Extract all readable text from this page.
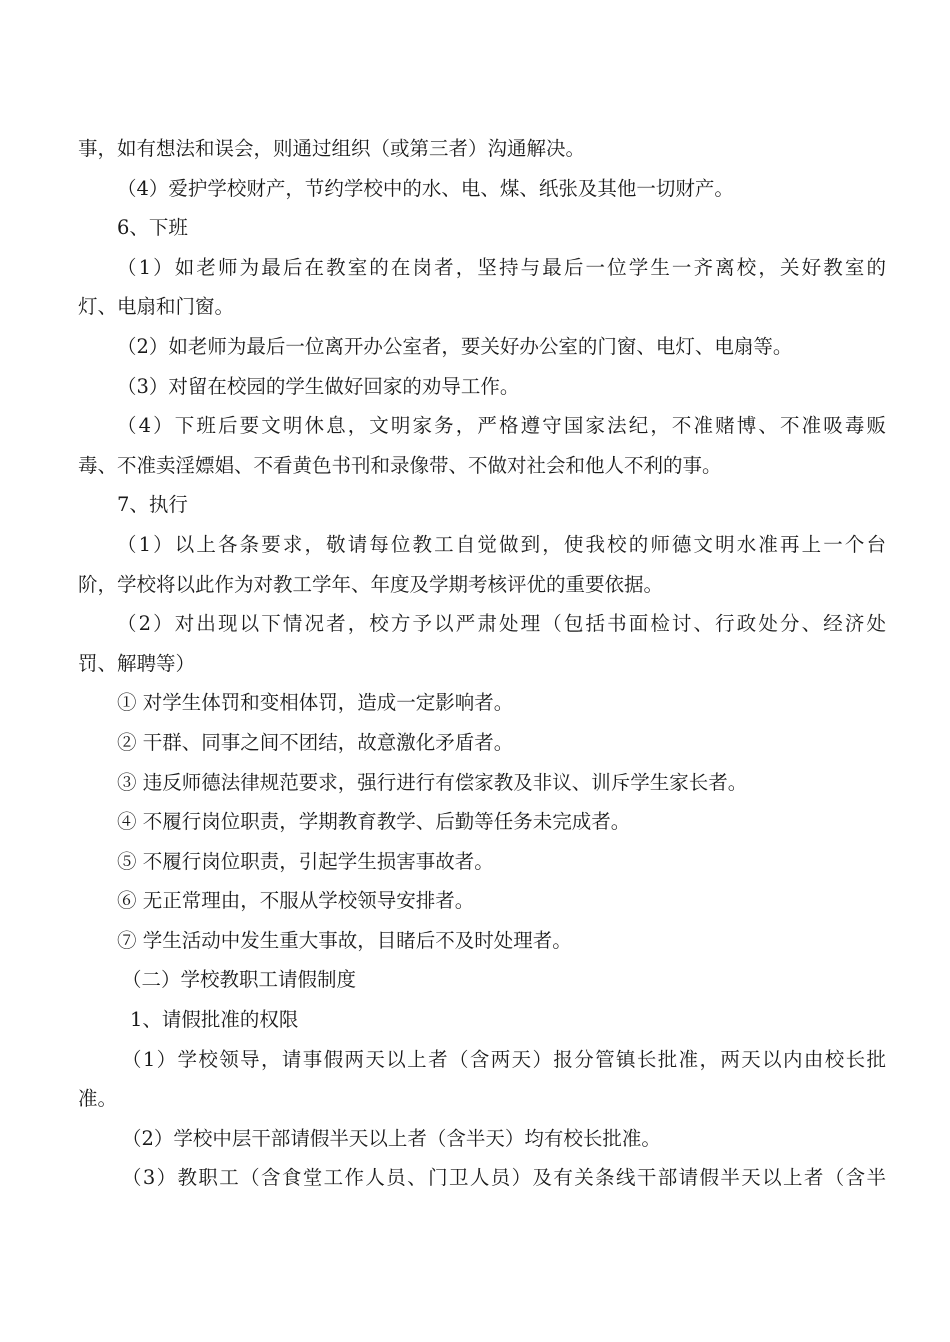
事，如有想法和误会，则通过组织（或第三者）沟通解决。
（4）爱护学校财产，节约学校中的水、电、煤、纸张及其他一切财产。
6、下班
（1）如老师为最后在教室的在岗者，坚持与最后一位学生一齐离校，关好教室的
灯、电扇和门窗。
（2）如老师为最后一位离开办公室者，要关好办公室的门窗、电灯、电扇等。
（3）对留在校园的学生做好回家的劝导工作。
（4）下班后要文明休息，文明家务，严格遵守国家法纪，不准赌博、不准吸毒贩
毒、不准卖淫嫖娼、不看黄色书刊和录像带、不做对社会和他人不利的事。
7、执行
（1）以上各条要求，敬请每位教工自觉做到，使我校的师德文明水准再上一个台
阶，学校将以此作为对教工学年、年度及学期考核评优的重要依据。
（2）对出现以下情况者，校方予以严肃处理（包括书面检讨、行政处分、经济处
罚、解聘等）
① 对学生体罚和变相体罚，造成一定影响者。
② 干群、同事之间不团结，故意激化矛盾者。
③ 违反师德法律规范要求，强行进行有偿家教及非议、训斥学生家长者。
④ 不履行岗位职责，学期教育教学、后勤等任务未完成者。
⑤ 不履行岗位职责，引起学生损害事故者。
⑥ 无正常理由，不服从学校领导安排者。
⑦ 学生活动中发生重大事故，目睹后不及时处理者。
（二）学校教职工请假制度
1、请假批准的权限
（1）学校领导，请事假两天以上者（含两天）报分管镇长批准，两天以内由校长批
准。
（2）学校中层干部请假半天以上者（含半天）均有校长批准。
（3）教职工（含食堂工作人员、门卫人员）及有关条线干部请假半天以上者（含半
